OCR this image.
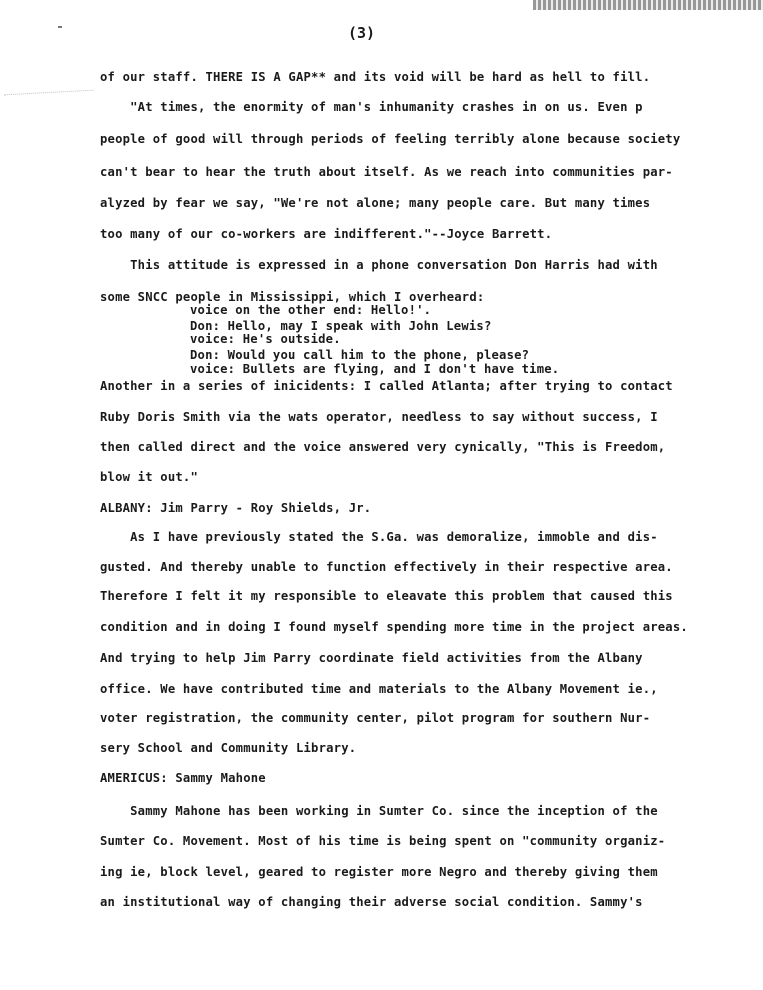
(3)
of our staff. THERE IS A GAP** and its void will be hard as hell to fill.
"At times, the enormity of man's inhumanity crashes in on us. Even p
people of good will through periods of feeling terribly alone because society
can't bear to hear the truth about itself. As we reach into communities par-
alyzed by fear we say, "We're not alone; many people care. But many times
too many of our co-workers are indifferent."--Joyce Barrett.
This attitude is expressed in a phone conversation Don Harris had with
some SNCC people in Mississippi, which I overheard:
voice on the other end: Hello!'.
Don: Hello, may I speak with John Lewis?
voice: He's outside.
Don: Would you call him to the phone, please?
voice: Bullets are flying, and I don't have time.
Another in a series of inicidents: I called Atlanta; after trying to contact
Ruby Doris Smith via the wats operator, needless to say without success, I
then called direct and the voice answered very cynically, "This is Freedom,
blow it out."
ALBANY: Jim Parry - Roy Shields, Jr.
As I have previously stated the S.Ga. was demoralize, immoble and dis-
gusted. And thereby unable to function effectively in their respective area.
Therefore I felt it my responsible to eleavate this problem that caused this
condition and in doing I found myself spending more time in the project areas.
And trying to help Jim Parry coordinate field activities from the Albany
office. We have contributed time and materials to the Albany Movement ie.,
voter registration, the community center, pilot program for southern Nur-
sery School and Community Library.
AMERICUS: Sammy Mahone
Sammy Mahone has been working in Sumter Co. since the inception of the
Sumter Co. Movement. Most of his time is being spent on "community organiz-
ing ie, block level, geared to register more Negro and thereby giving them
an institutional way of changing their adverse social condition. Sammy's
